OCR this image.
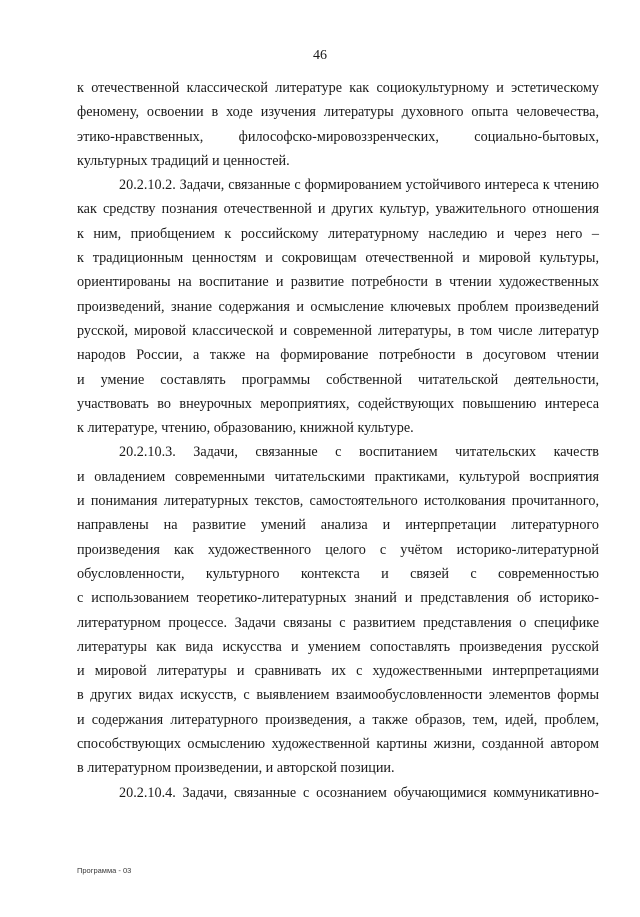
46
к отечественной классической литературе как социокультурному и эстетическому
феномену, освоении в ходе изучения литературы духовного опыта человечества,
этико-нравственных, философско-мировоззренческих, социально-бытовых,
культурных традиций и ценностей.
20.2.10.2. Задачи, связанные с формированием устойчивого интереса к чтению
как средству познания отечественной и других культур, уважительного отношения
к ним, приобщением к российскому литературному наследию и через него –
к традиционным ценностям и сокровищам отечественной и мировой культуры,
ориентированы на воспитание и развитие потребности в чтении художественных
произведений, знание содержания и осмысление ключевых проблем произведений
русской, мировой классической и современной литературы, в том числе литератур
народов России, а также на формирование потребности в досуговом чтении
и умение составлять программы собственной читательской деятельности,
участвовать во внеурочных мероприятиях, содействующих повышению интереса
к литературе, чтению, образованию, книжной культуре.
20.2.10.3. Задачи, связанные с воспитанием читательских качеств
и овладением современными читательскими практиками, культурой восприятия
и понимания литературных текстов, самостоятельного истолкования прочитанного,
направлены на развитие умений анализа и интерпретации литературного
произведения как художественного целого с учётом историко-литературной
обусловленности, культурного контекста и связей с современностью
с использованием теоретико-литературных знаний и представления об историко-
литературном процессе. Задачи связаны с развитием представления о специфике
литературы как вида искусства и умением сопоставлять произведения русской
и мировой литературы и сравнивать их с художественными интерпретациями
в других видах искусств, с выявлением взаимообусловленности элементов формы
и содержания литературного произведения, а также образов, тем, идей, проблем,
способствующих осмыслению художественной картины жизни, созданной автором
в литературном произведении, и авторской позиции.
20.2.10.4. Задачи, связанные с осознанием обучающимися коммуникативно-
Программа - 03
